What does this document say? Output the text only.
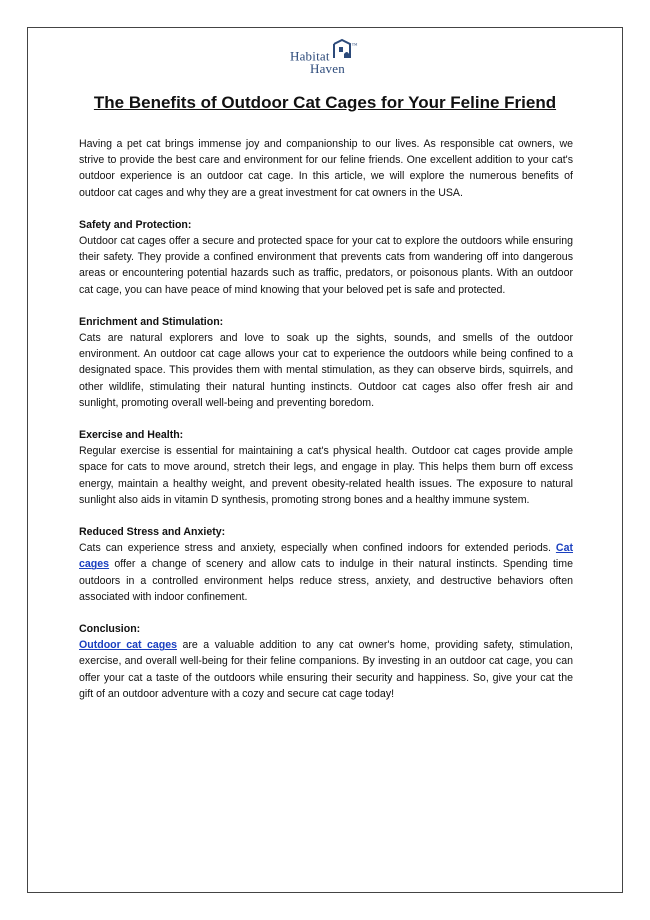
Habitat™
Haven
The Benefits of Outdoor Cat Cages for Your Feline Friend

Having a pet cat brings immense joy and companionship to our lives. As responsible cat owners, we strive to provide the best care and environment for our feline friends. One excellent addition to your cat's outdoor experience is an outdoor cat cage. In this article, we will explore the numerous benefits of outdoor cat cages and why they are a great investment for cat owners in the USA.

Safety and Protection:

Outdoor cat cages offer a secure and protected space for your cat to explore the outdoors while ensuring their safety. They provide a confined environment that prevents cats from wandering off into dangerous areas or encountering potential hazards such as traffic, predators, or poisonous plants. With an outdoor cat cage, you can have peace of mind knowing that your beloved pet is safe and protected.

Enrichment and Stimulation:

Cats are natural explorers and love to soak up the sights, sounds, and smells of the outdoor environment. An outdoor cat cage allows your cat to experience the outdoors while being confined to a designated space. This provides them with mental stimulation, as they can observe birds, squirrels, and other wildlife, stimulating their natural hunting instincts. Outdoor cat cages also offer fresh air and sunlight, promoting overall well-being and preventing boredom.

Exercise and Health:

Regular exercise is essential for maintaining a cat's physical health. Outdoor cat cages provide ample space for cats to move around, stretch their legs, and engage in play. This helps them burn off excess energy, maintain a healthy weight, and prevent obesity-related health issues. The exposure to natural sunlight also aids in vitamin D synthesis, promoting strong bones and a healthy immune system.

Reduced Stress and Anxiety:

Cats can experience stress and anxiety, especially when confined indoors for extended periods. Cat cages offer a change of scenery and allow cats to indulge in their natural instincts. Spending time outdoors in a controlled environment helps reduce stress, anxiety, and destructive behaviors often associated with indoor confinement.

Conclusion:

Outdoor cat cages are a valuable addition to any cat owner's home, providing safety, stimulation, exercise, and overall well-being for their feline companions. By investing in an outdoor cat cage, you can offer your cat a taste of the outdoors while ensuring their security and happiness. So, give your cat the gift of an outdoor adventure with a cozy and secure cat cage today!
